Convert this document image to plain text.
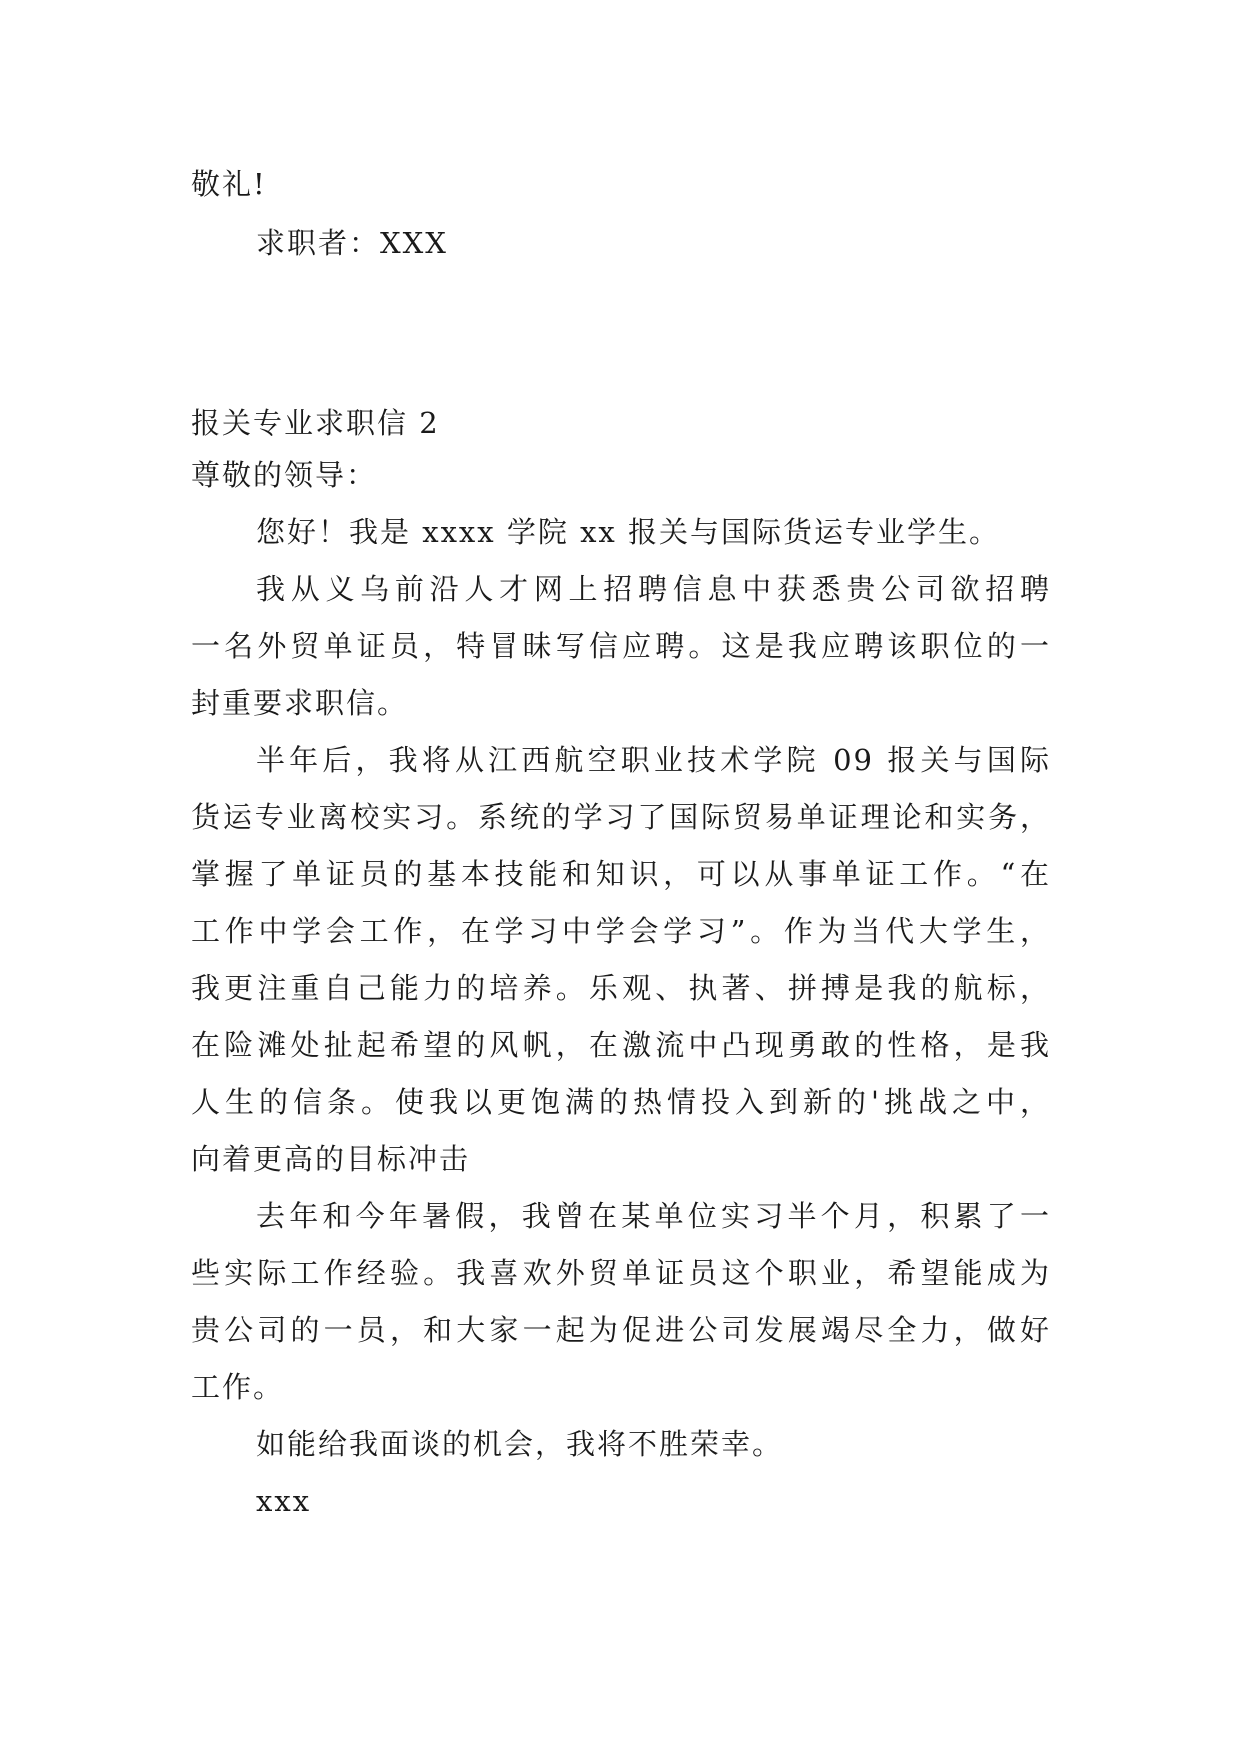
敬礼!
求职者：XXX
报关专业求职信 2
尊敬的领导：
您好！我是 xxxx 学院 xx 报关与国际货运专业学生。
我从义乌前沿人才网上招聘信息中获悉贵公司欲招聘
一名外贸单证员，特冒昧写信应聘。这是我应聘该职位的一
封重要求职信。
半年后，我将从江西航空职业技术学院 09 报关与国际
货运专业离校实习。系统的学习了国际贸易单证理论和实务，
掌握了单证员的基本技能和知识，可以从事单证工作。“在
工作中学会工作，在学习中学会学习”。作为当代大学生，
我更注重自己能力的培养。乐观、执著、拼搏是我的航标，
在险滩处扯起希望的风帆，在激流中凸现勇敢的性格，是我
人生的信条。使我以更饱满的热情投入到新的'挑战之中，
向着更高的目标冲击
去年和今年暑假，我曾在某单位实习半个月，积累了一
些实际工作经验。我喜欢外贸单证员这个职业，希望能成为
贵公司的一员，和大家一起为促进公司发展竭尽全力，做好
工作。
如能给我面谈的机会，我将不胜荣幸。
xxx
